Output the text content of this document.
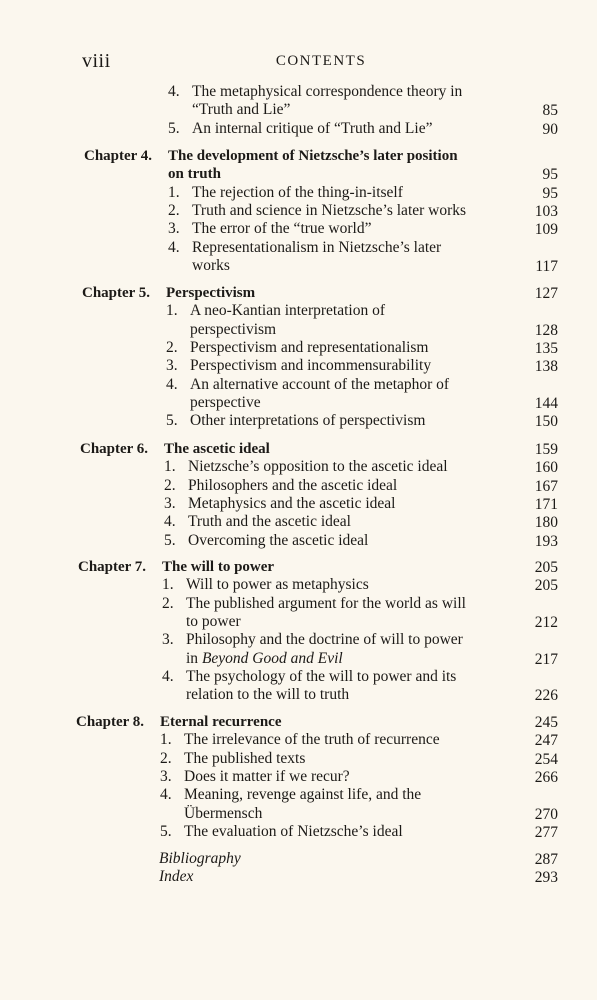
viii	CONTENTS
4. The metaphysical correspondence theory in
“Truth and Lie”	85
5. An internal critique of “Truth and Lie”	90
Chapter 4. The development of Nietzsche’s later position
on truth	95
1. The rejection of the thing-in-itself	95
2. Truth and science in Nietzsche’s later works	103
3. The error of the “true world”	109
4. Representationalism in Nietzsche’s later
works	117
Chapter 5. Perspectivism	127
1. A neo-Kantian interpretation of
perspectivism	128
2. Perspectivism and representationalism	135
3. Perspectivism and incommensurability	138
4. An alternative account of the metaphor of
perspective	144
5. Other interpretations of perspectivism	150
Chapter 6. The ascetic ideal	159
1. Nietzsche’s opposition to the ascetic ideal	160
2. Philosophers and the ascetic ideal	167
3. Metaphysics and the ascetic ideal	171
4. Truth and the ascetic ideal	180
5. Overcoming the ascetic ideal	193
Chapter 7. The will to power	205
1. Will to power as metaphysics	205
2. The published argument for the world as will
to power	212
3. Philosophy and the doctrine of will to power
in Beyond Good and Evil	217
4. The psychology of the will to power and its
relation to the will to truth	226
Chapter 8. Eternal recurrence	245
1. The irrelevance of the truth of recurrence	247
2. The published texts	254
3. Does it matter if we recur?	266
4. Meaning, revenge against life, and the
Übermensch	270
5. The evaluation of Nietzsche’s ideal	277
Bibliography	287
Index	293
